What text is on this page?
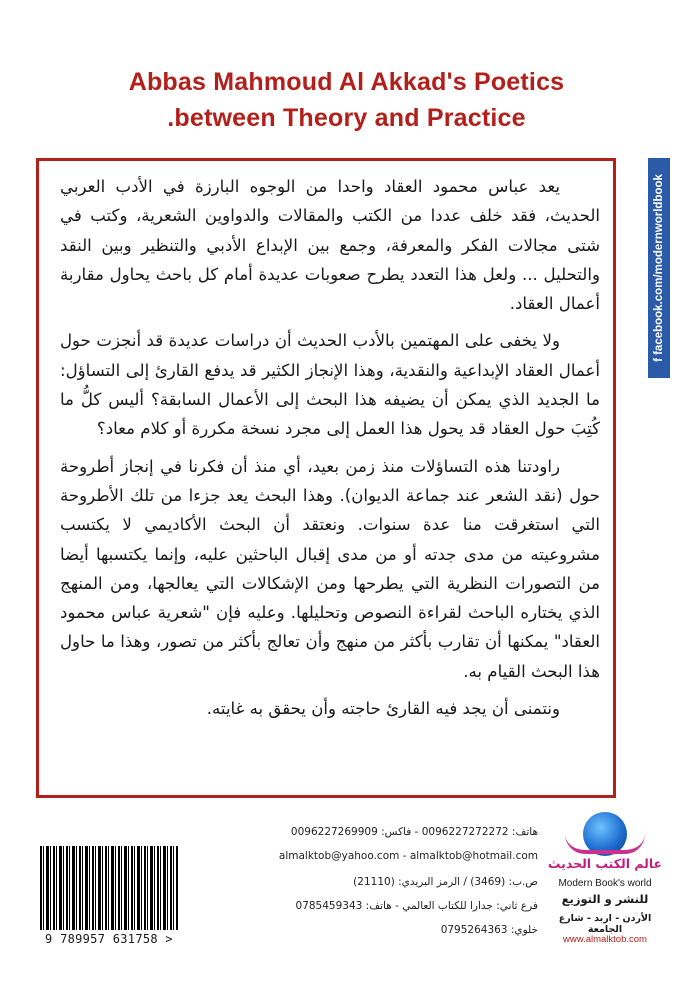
Abbas Mahmoud Al Akkad's Poetics
.between Theory and Practice

يعد عباس محمود العقاد واحدا من الوجوه البارزة في الأدب العربي الحديث، فقد خلف عددا من الكتب والمقالات والدواوين الشعرية، وكتب في شتى مجالات الفكر والمعرفة، وجمع بين الإبداع الأدبي والتنظير وبين النقد والتحليل ... ولعل هذا التعدد يطرح صعوبات عديدة أمام كل باحث يحاول مقاربة أعمال العقاد.

ولا يخفى على المهتمين بالأدب الحديث أن دراسات عديدة قد أنجزت حول أعمال العقاد الإبداعية والنقدية، وهذا الإنجاز الكثير قد يدفع القارئ إلى التساؤل: ما الجديد الذي يمكن أن يضيفه هذا البحث إلى الأعمال السابقة؟ أليس كلُّ ما كُتِبَ حول العقاد قد يحول هذا العمل إلى مجرد نسخة مكررة أو كلام معاد؟

راودتنا هذه التساؤلات منذ زمن بعيد، أي منذ أن فكرنا في إنجاز أطروحة حول (نقد الشعر عند جماعة الديوان). وهذا البحث يعد جزءا من تلك الأطروحة التي استغرقت منا عدة سنوات. ونعتقد أن البحث الأكاديمي لا يكتسب مشروعيته من مدى جدته أو من مدى إقبال الباحثين عليه، وإنما يكتسبها أيضا من التصورات النظرية التي يطرحها ومن الإشكالات التي يعالجها، ومن المنهج الذي يختاره الباحث لقراءة النصوص وتحليلها. وعليه فإن "شعرية عباس محمود العقاد" يمكنها أن تقارب بأكثر من منهج وأن تعالج بأكثر من تصور، وهذا ما حاول هذا البحث القيام به.

ونتمنى أن يجد فيه القارئ حاجته وأن يحقق به غايته.

f facebook.com/modernworldbook
هاتف: 0096227272272 - فاكس: 0096227269909
almalktob@yahoo.com - almalktob@hotmail.com
ص.ب: (3469) / الرمز البريدي: (21110)
فرع ثاني: جدارا للكتاب العالمي - هاتف: 0785459343
خلوي: 0795264363
9 789957 631758 >
عالم الكتب الحديث
Modern Book's world
للنشر و التوزيع
الأردن - اربد - شارع الجامعة
www.almalktob.com
